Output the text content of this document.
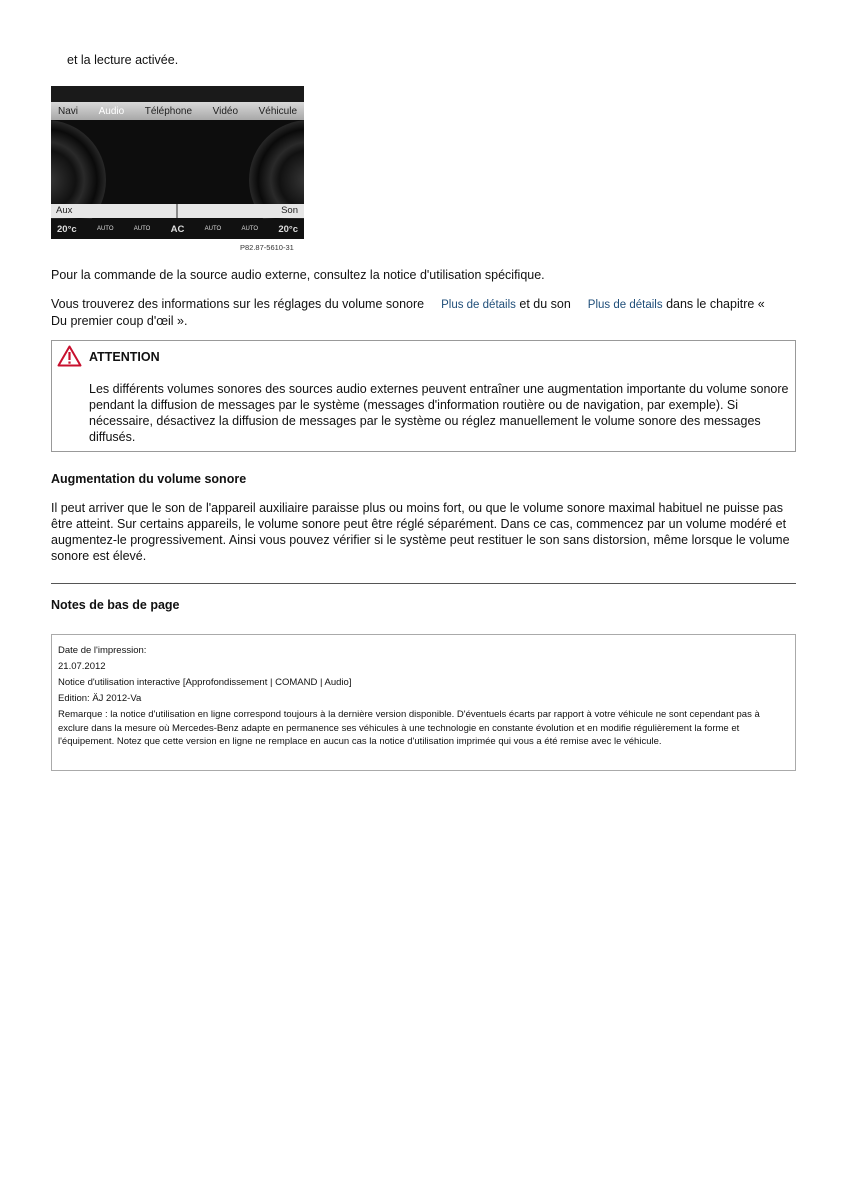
et la lecture activée.
Navi Audio Téléphone Vidéo Véhicule
Aux	Son
20°c	AUTO	AUTO AC	AUTO	AUTO 20°c
P82.87-5610-31
Pour la commande de la source audio externe, consultez la notice d'utilisation spécifique.
Vous trouverez des informations sur les réglages du volume sonore Plus de détails et du son Plus de détails dans le chapitre «
Du premier coup d'œil ».
ATTENTION
Les différents volumes sonores des sources audio externes peuvent entraîner une augmentation importante du volume sonore pendant la diffusion de messages par le système (messages d'information routière ou de navigation, par exemple). Si nécessaire, désactivez la diffusion de messages par le système ou réglez manuellement le volume sonore des messages diffusés.
Augmentation du volume sonore
Il peut arriver que le son de l'appareil auxiliaire paraisse plus ou moins fort, ou que le volume sonore maximal habituel ne puisse pas être atteint. Sur certains appareils, le volume sonore peut être réglé séparément. Dans ce cas, commencez par un volume modéré et augmentez-le progressivement. Ainsi vous pouvez vérifier si le système peut restituer le son sans distorsion, même lorsque le volume sonore est élevé.
Notes de bas de page
Date de l'impression:
21.07.2012
Notice d'utilisation interactive [Approfondissement | COMAND | Audio]
Edition: ÄJ 2012-Va
Remarque : la notice d'utilisation en ligne correspond toujours à la dernière version disponible. D'éventuels écarts par rapport à votre véhicule ne sont cependant pas à exclure dans la mesure où Mercedes-Benz adapte en permanence ses véhicules à une technologie en constante évolution et en modifie régulièrement la forme et l'équipement. Notez que cette version en ligne ne remplace en aucun cas la notice d'utilisation imprimée qui vous a été remise avec le véhicule.
